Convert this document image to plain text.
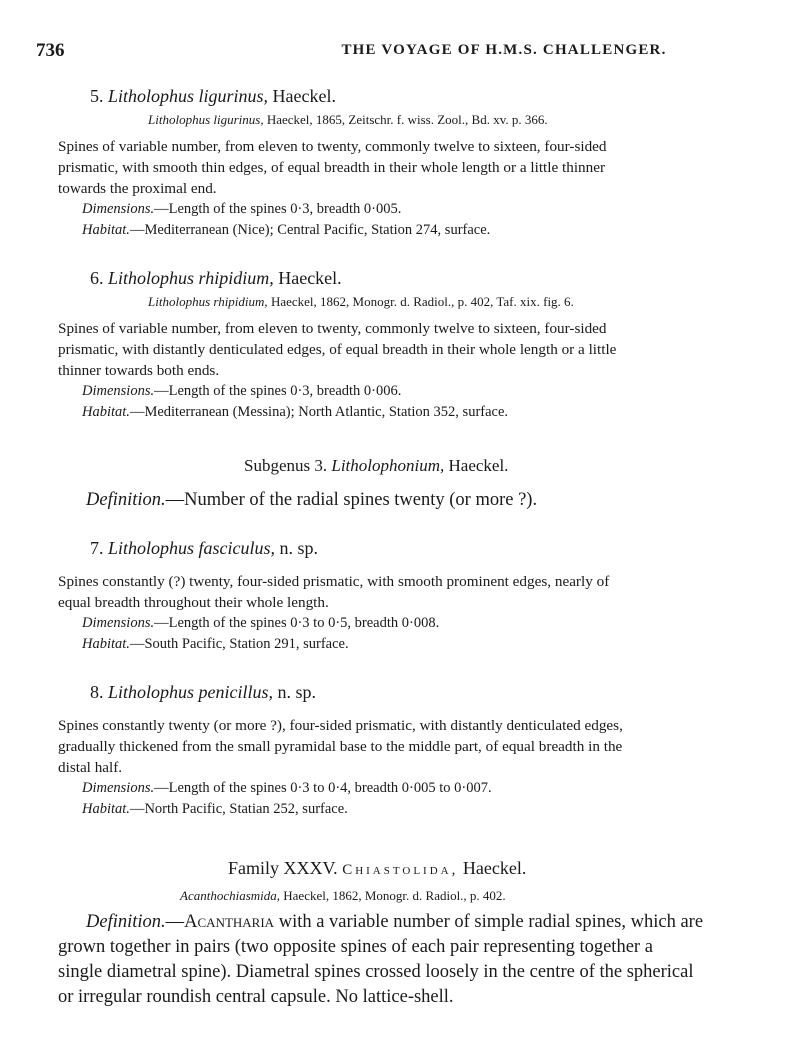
736	THE VOYAGE OF H.M.S. CHALLENGER.
5. Litholophus ligurinus, Haeckel.
Litholophus ligurinus, Haeckel, 1865, Zeitschr. f. wiss. Zool., Bd. xv. p. 366.
Spines of variable number, from eleven to twenty, commonly twelve to sixteen, four-sided
prismatic, with smooth thin edges, of equal breadth in their whole length or a little thinner
towards the proximal end.
Dimensions.—Length of the spines 0·3, breadth 0·005.
Habitat.—Mediterranean (Nice); Central Pacific, Station 274, surface.
6. Litholophus rhipidium, Haeckel.
Litholophus rhipidium, Haeckel, 1862, Monogr. d. Radiol., p. 402, Taf. xix. fig. 6.
Spines of variable number, from eleven to twenty, commonly twelve to sixteen, four-sided
prismatic, with distantly denticulated edges, of equal breadth in their whole length or a little
thinner towards both ends.
Dimensions.—Length of the spines 0·3, breadth 0·006.
Habitat.—Mediterranean (Messina); North Atlantic, Station 352, surface.
Subgenus 3. Litholophonium, Haeckel.
Definition.—Number of the radial spines twenty (or more ?).
7. Litholophus fasciculus, n. sp.
Spines constantly (?) twenty, four-sided prismatic, with smooth prominent edges, nearly of
equal breadth throughout their whole length.
Dimensions.—Length of the spines 0·3 to 0·5, breadth 0·008.
Habitat.—South Pacific, Station 291, surface.
8. Litholophus penicillus, n. sp.
Spines constantly twenty (or more ?), four-sided prismatic, with distantly denticulated edges,
gradually thickened from the small pyramidal base to the middle part, of equal breadth in the
distal half.
Dimensions.—Length of the spines 0·3 to 0·4, breadth 0·005 to 0·007.
Habitat.—North Pacific, Statian 252, surface.
Family XXXV. Chiastolida, Haeckel.
Acanthochiasmida, Haeckel, 1862, Monogr. d. Radiol., p. 402.
Definition.—Acantharia with a variable number of simple radial spines, which are
grown together in pairs (two opposite spines of each pair representing together a
single diametral spine). Diametral spines crossed loosely in the centre of the spherical
or irregular roundish central capsule. No lattice-shell.
